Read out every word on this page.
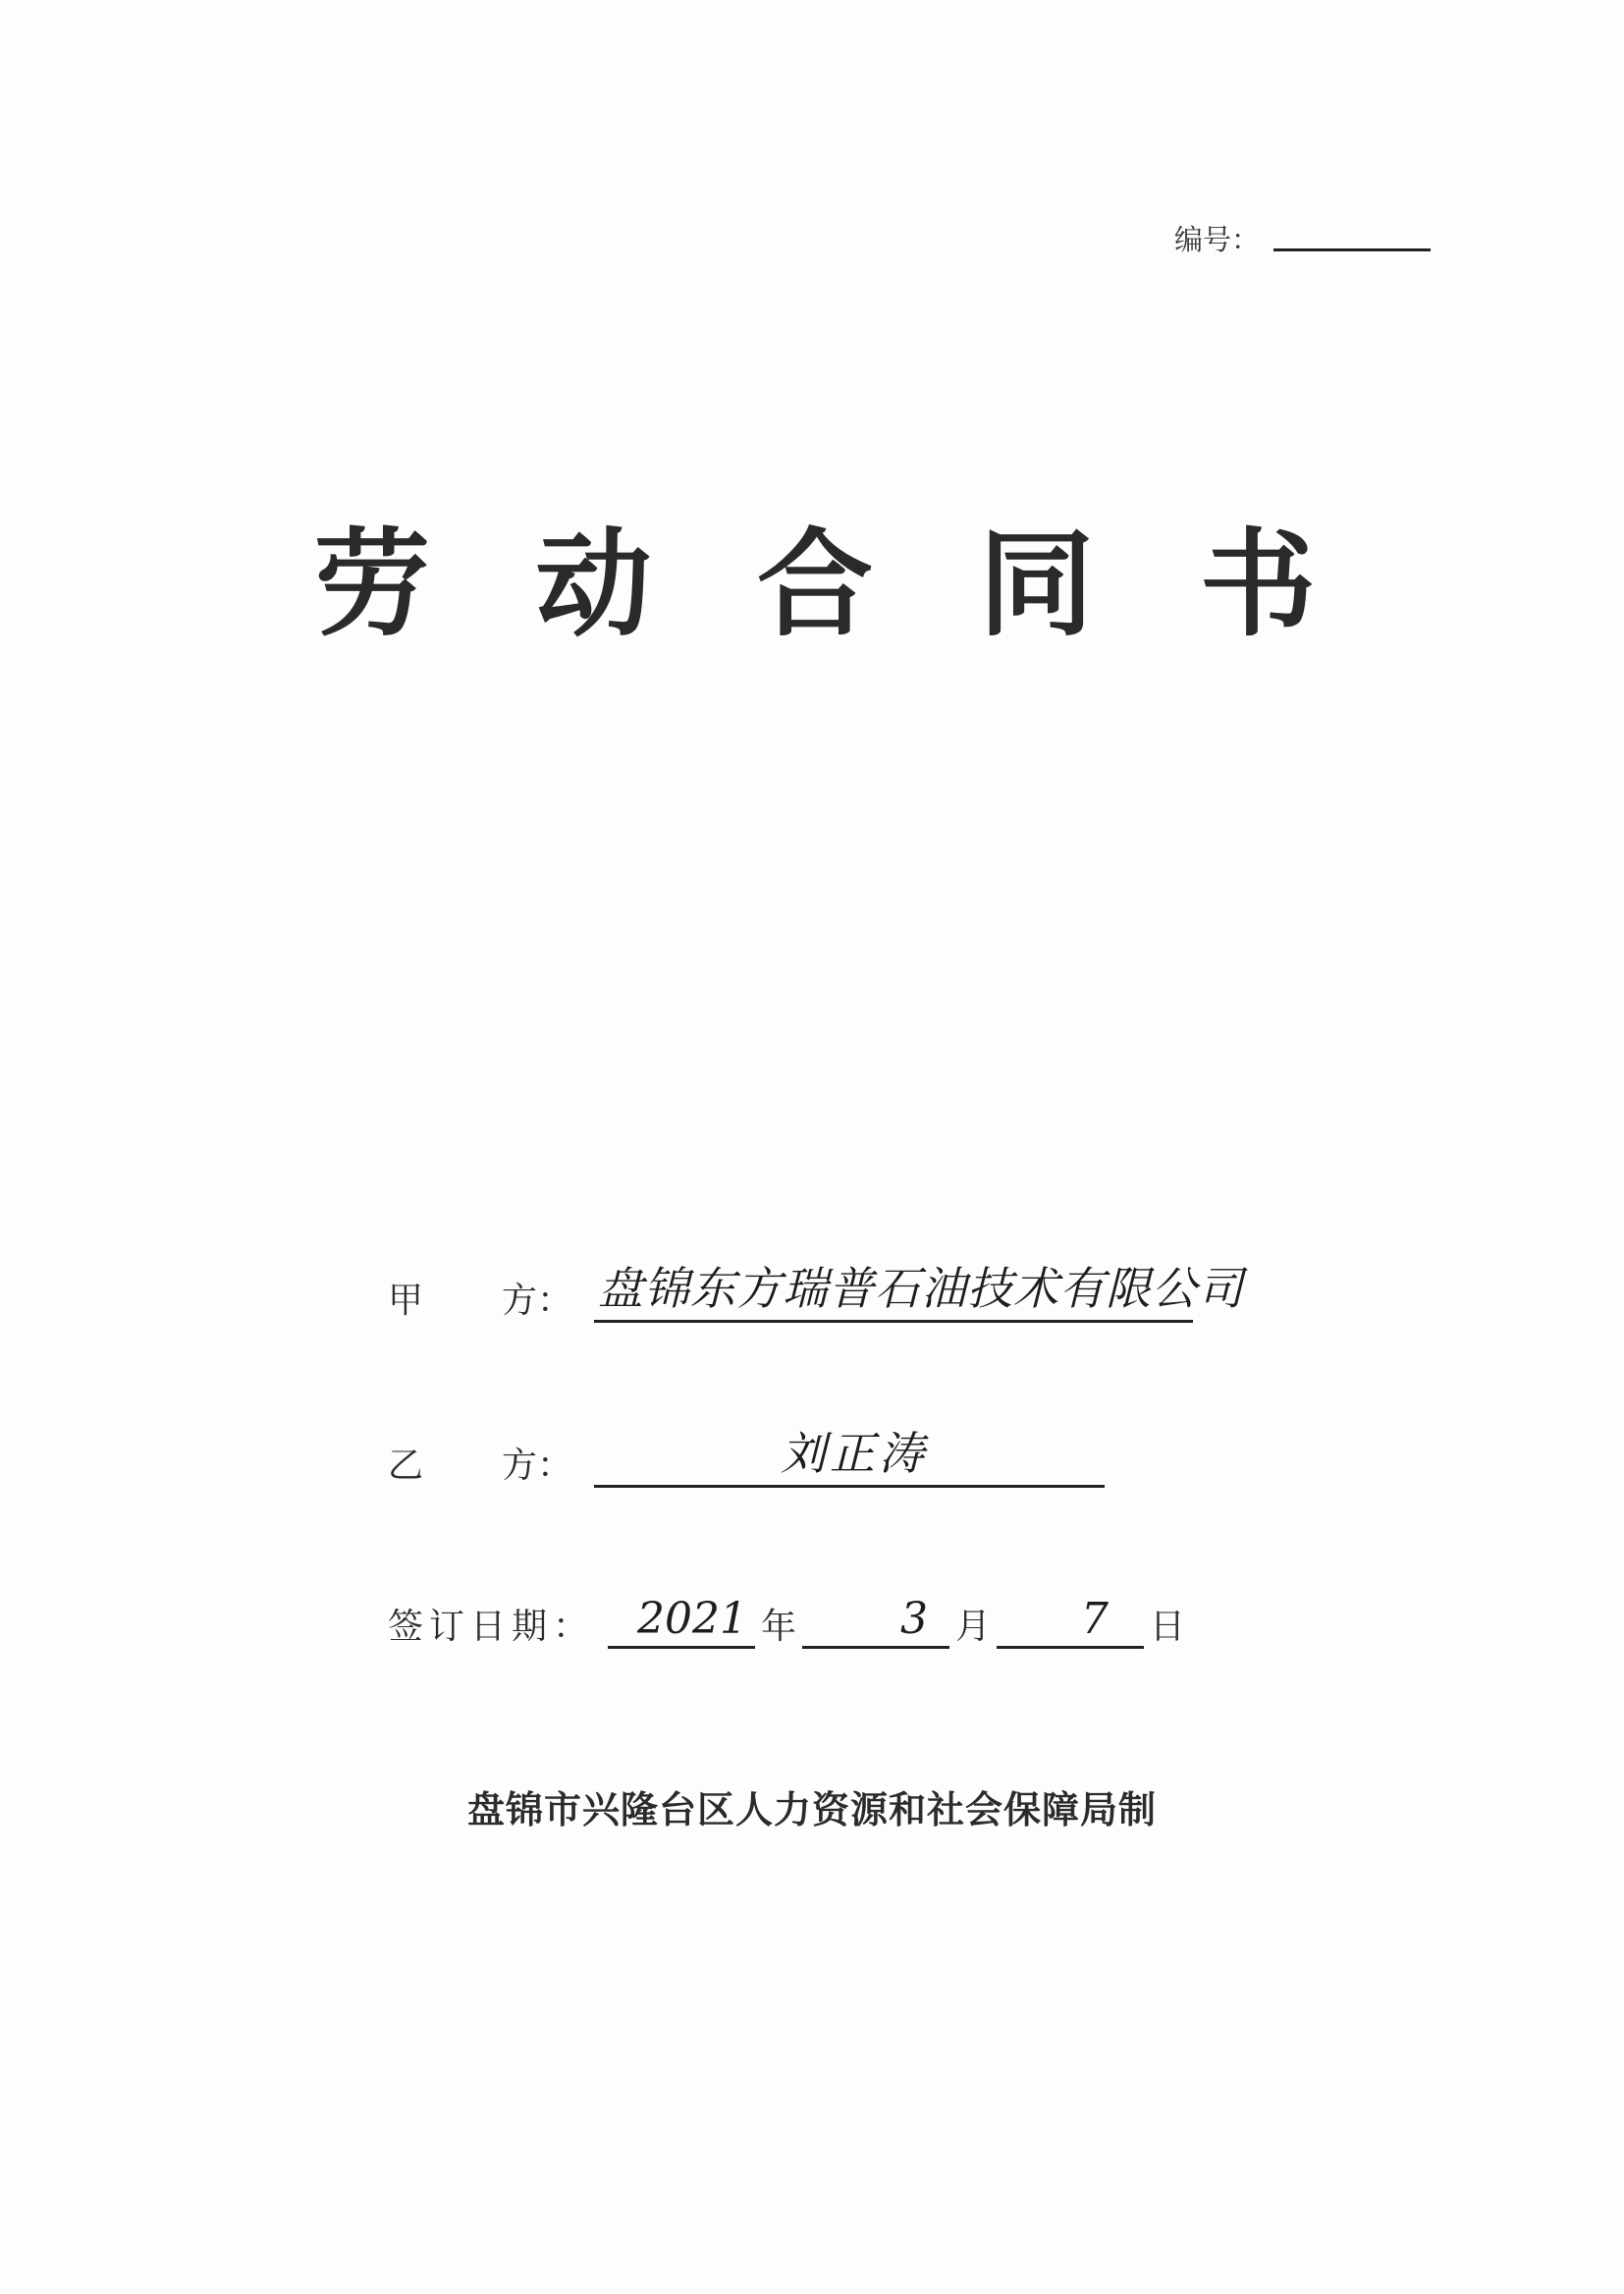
编号：
劳 动 合 同 书
甲 方： 盘锦东方瑞普石油技术有限公司
乙 方：	刘正涛
签订日期： 2021 年 3 月 7 日
盘锦市兴隆台区人力资源和社会保障局制
